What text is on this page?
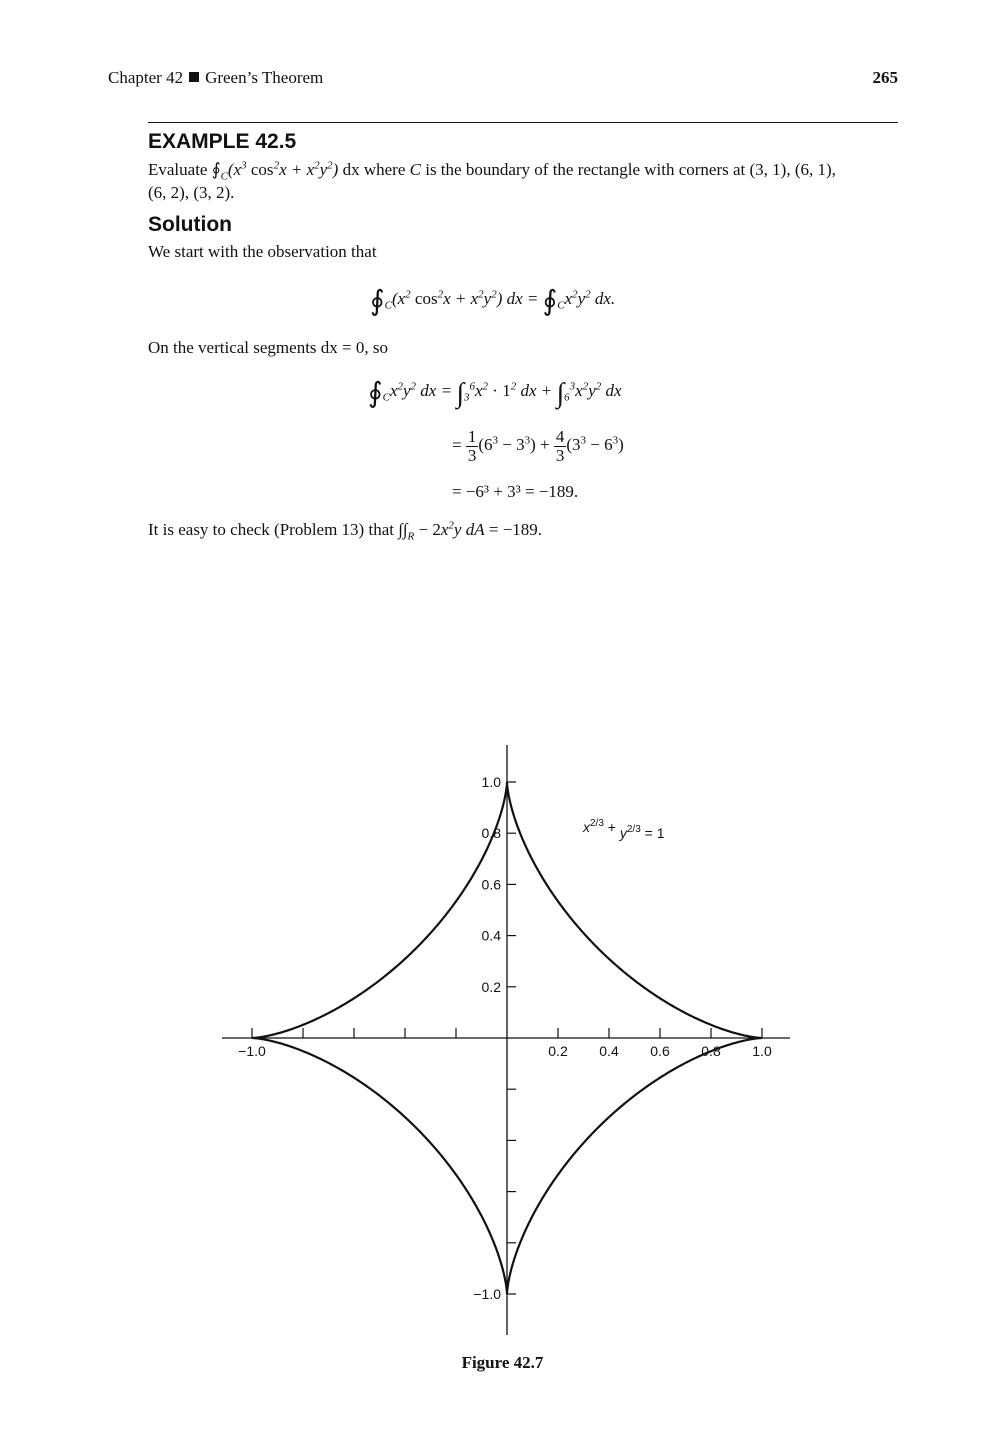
Chapter 42 Green’s Theorem	265
EXAMPLE 42.5
Evaluate $∮_C(x^3$ $\cos^2x + x^2y^2$) dx where C is the boundary of the rectangle with corners at (3, 1), (6, 1),
(6, 2), (3, 2).
Solution
We start with the observation that
$∮_C(x^2$ $\cos^2x + x^2y^2$) dx = $∮_Cx^2y^2$ dx.
On the vertical segments dx = 0, so
$∮_Cx^2y^2$ dx = $\int_3^6x^2 \cdot 1^2$ dx + $\int_6^3x^2y^2$ dx
= $\frac{1}{3} (6^3 - 3^3) + \frac{4}{3} (3^3 - 6^3)$
= −6³ + 3³ = −189.
It is easy to check (Problem 13) that $\int\int_R - 2x^2y$ dA = −189.
−1.0	0.2 0.4 0.6 0.8 1.0
1.0
0.8
0.6
0.4
0.2
−1.0
$x^{2/3} + y^{2/3} = 1$
Figure 42.7
